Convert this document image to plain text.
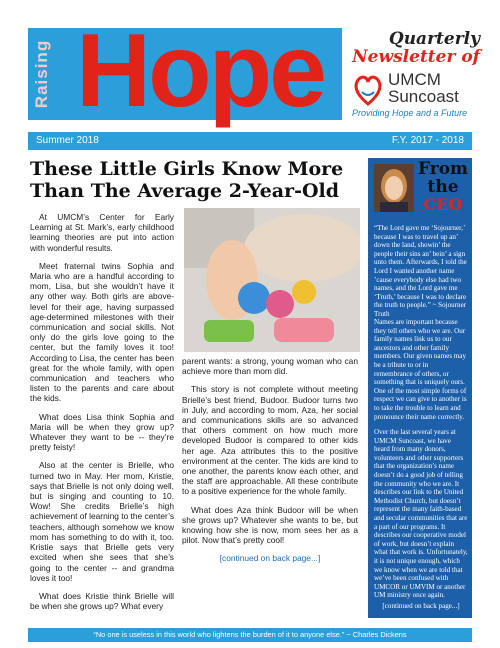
Raising Hope	Quarterly
Newsletter of
UMCM
Suncoast
Providing Hope and a Future
Summer 2018	F.Y. 2017 - 2018
These Little Girls Know More Than The Average 2-Year-Old

At UMCM’s Center for Early Learning at St. Mark’s, early childhood learning theories are put into action with wonderful results.

Meet fraternal twins Sophia and Maria who are a handful according to mom, Lisa, but she wouldn’t have it any other way. Both girls are above-level for their age, having surpassed age-determined milestones with their communication and social skills. Not only do the girls love going to the center, but the family loves it too! According to Lisa, the center has been great for the whole family, with open communication and teachers who listen to the parents and care about the kids.

What does Lisa think Sophia and Maria will be when they grow up? Whatever they want to be -- they’re pretty feisty!

Also at the center is Brielle, who turned two in May. Her mom, Kristie, says that Brielle is not only doing well, but is singing and counting to 10. Wow! She credits Brielle’s high achievement of learning to the center’s teachers, although somehow we know mom has something to do with it, too. Kristie says that Brielle gets very excited when she sees that she’s going to the center -- and grandma loves it too!

What does Kristie think Brielle will be when she grows up? What every

parent wants: a strong, young woman who can achieve more than mom did.

This story is not complete without meeting Brielle’s best friend, Budoor. Budoor turns two in July, and according to mom, Aza, her social and communications skills are so advanced that others comment on how much more developed Budoor is compared to other kids her age. Aza attributes this to the positive environment at the center. The kids are kind to one another, the parents know each other, and the staff are approachable. All these contribute to a positive experience for the whole family.

What does Aza think Budoor will be when she grows up? Whatever she wants to be, but knowing how she is now, mom sees her as a pilot. Now that’s pretty cool!

[continued on back page...]

From the
CEO

“The Lord gave me ‘Sojourner,’ because I was to travel up an’ down the land, showin’ the people their sins an’ bein’ a sign unto them. Afterwards, I told the Lord I wanted another name ’cause everybody else had two names, and the Lord gave me ‘Truth,’ because I was to declare the truth to people.” ~ Sojourner Truth

Names are important because they tell others who we are. Our family names link us to our ancestors and other family members. Our given names may be a tribute to or in remembrance of others, or something that is uniquely ours. One of the most simple forms of respect we can give to another is to take the trouble to learn and pronounce their name correctly.

Over the last several years at UMCM Suncoast, we have heard from many donors, volunteers and other supporters that the organization’s name doesn’t do a good job of telling the community who we are. It describes our link to the United Methodist Church, but doesn’t represent the many faith-based and secular communities that are a part of our programs. It describes our cooperative model of work, but doesn’t explain what that work is. Unfortunately, it is not unique enough, which we know when we are told that we’ve been confused with UMCOR or UMVIM or another UM ministry once again.

[continued on back page...]

“No one is useless in this world who lightens the burden of it to anyone else.” ~ Charles Dickens
